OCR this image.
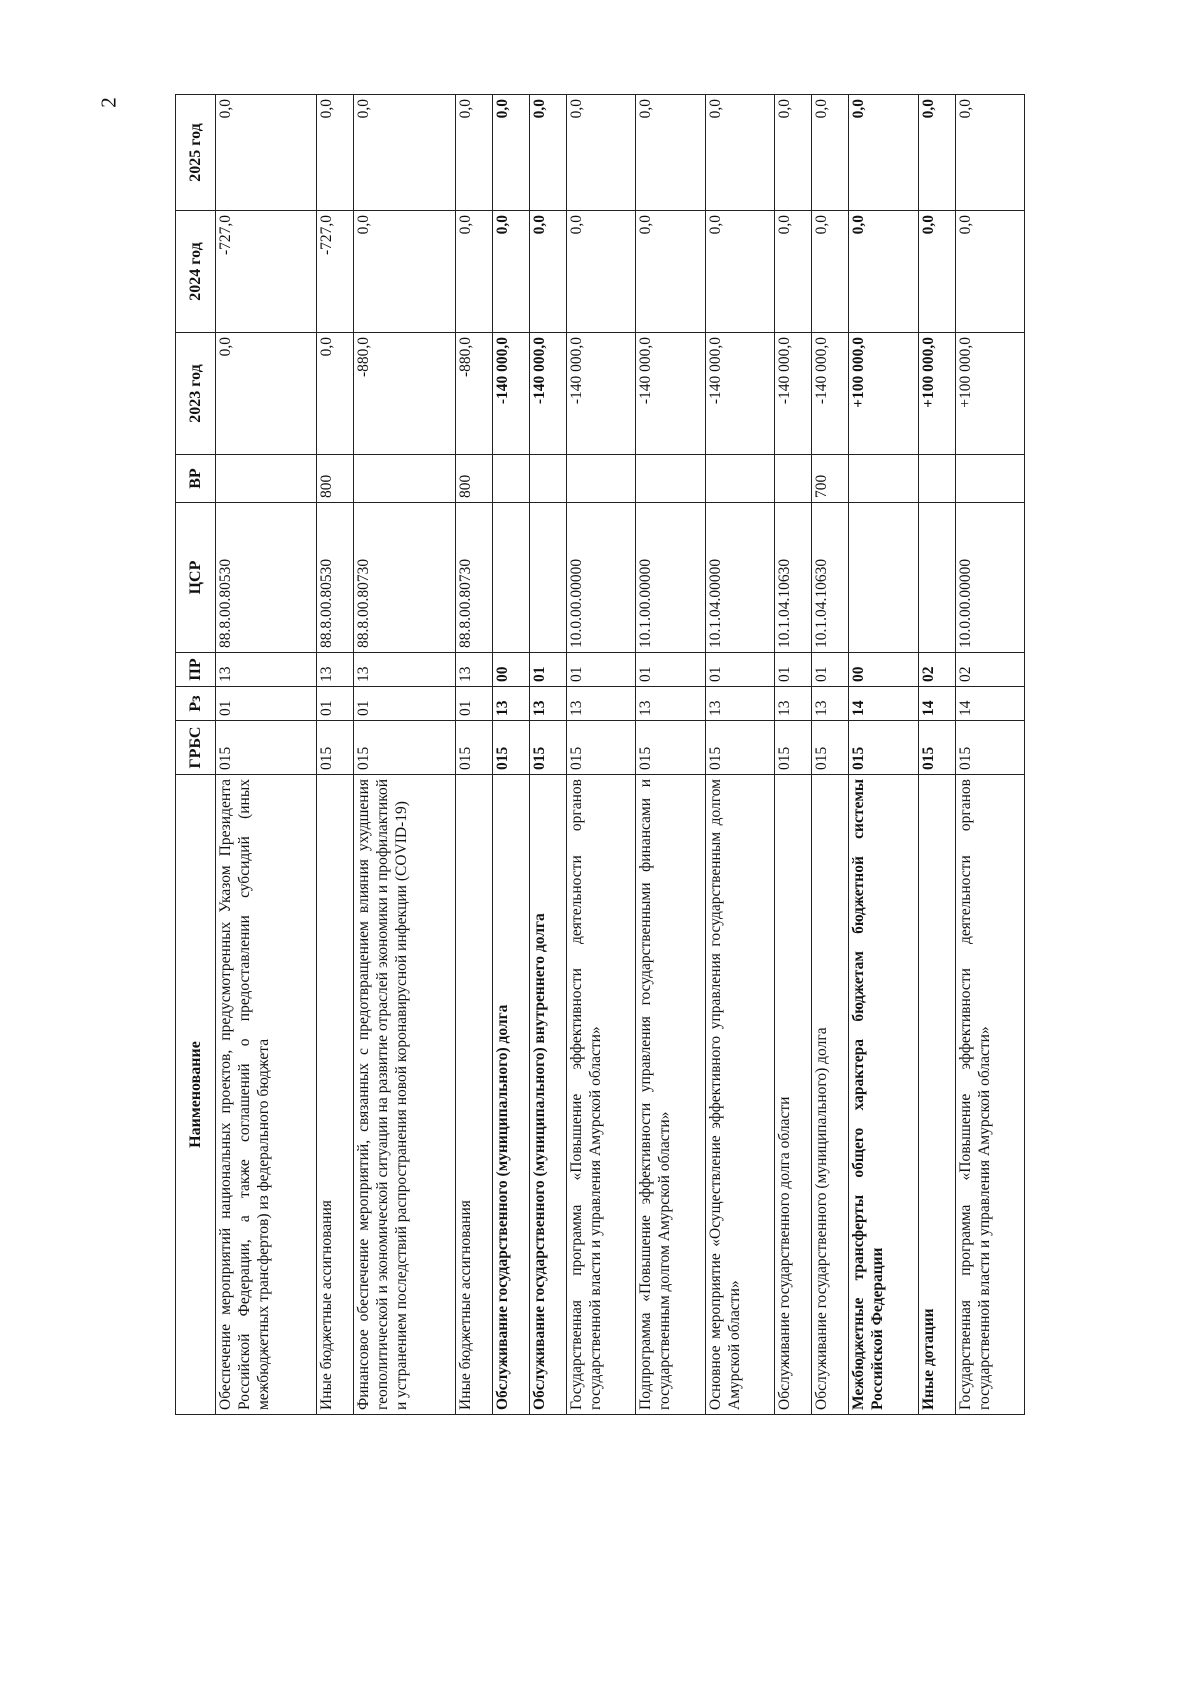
2
Наименование	ГРБС	Рз	ПР	ЦСР	ВР	2023 год	2024 год	2025 год
Обеспечение мероприятий национальных проектов, предусмотренных Указом Президента Российской Федерации, а также соглашений о предоставлении субсидий (иных межбюджетных трансфертов) из федерального бюджета	015	01	13	88.8.00.80530		0,0	-727,0	0,0
Иные бюджетные ассигнования	015	01	13	88.8.00.80530	800	0,0	-727,0	0,0
Финансовое обеспечение мероприятий, связанных с предотвращением влияния ухудшения геополитической и экономической ситуации на развитие отраслей экономики и профилактикой и устранением последствий распространения новой коронавирусной инфекции (COVID-19)	015	01	13	88.8.00.80730		-880,0	0,0	0,0
Иные бюджетные ассигнования	015	01	13	88.8.00.80730	800	-880,0	0,0	0,0
Обслуживание государственного (муниципального) долга	015	13	00			-140 000,0	0,0	0,0
Обслуживание государственного (муниципального) внутреннего долга	015	13	01			-140 000,0	0,0	0,0
Государственная программа «Повышение эффективности деятельности органов государственной власти и управления Амурской области»	015	13	01	10.0.00.00000		-140 000,0	0,0	0,0
Подпрограмма «Повышение эффективности управления государственными финансами и государственным долгом Амурской области»	015	13	01	10.1.00.00000		-140 000,0	0,0	0,0
Основное мероприятие «Осуществление эффективного управления государственным долгом Амурской области»	015	13	01	10.1.04.00000		-140 000,0	0,0	0,0
Обслуживание государственного долга области	015	13	01	10.1.04.10630		-140 000,0	0,0	0,0
Обслуживание государственного (муниципального) долга	015	13	01	10.1.04.10630	700	-140 000,0	0,0	0,0
Межбюджетные трансферты общего характера бюджетам бюджетной системы Российской Федерации	015	14	00			+100 000,0	0,0	0,0
Иные дотации	015	14	02			+100 000,0	0,0	0,0
Государственная программа «Повышение эффективности деятельности органов государственной власти и управления Амурской области»	015	14	02	10.0.00.00000		+100 000,0	0,0	0,0
